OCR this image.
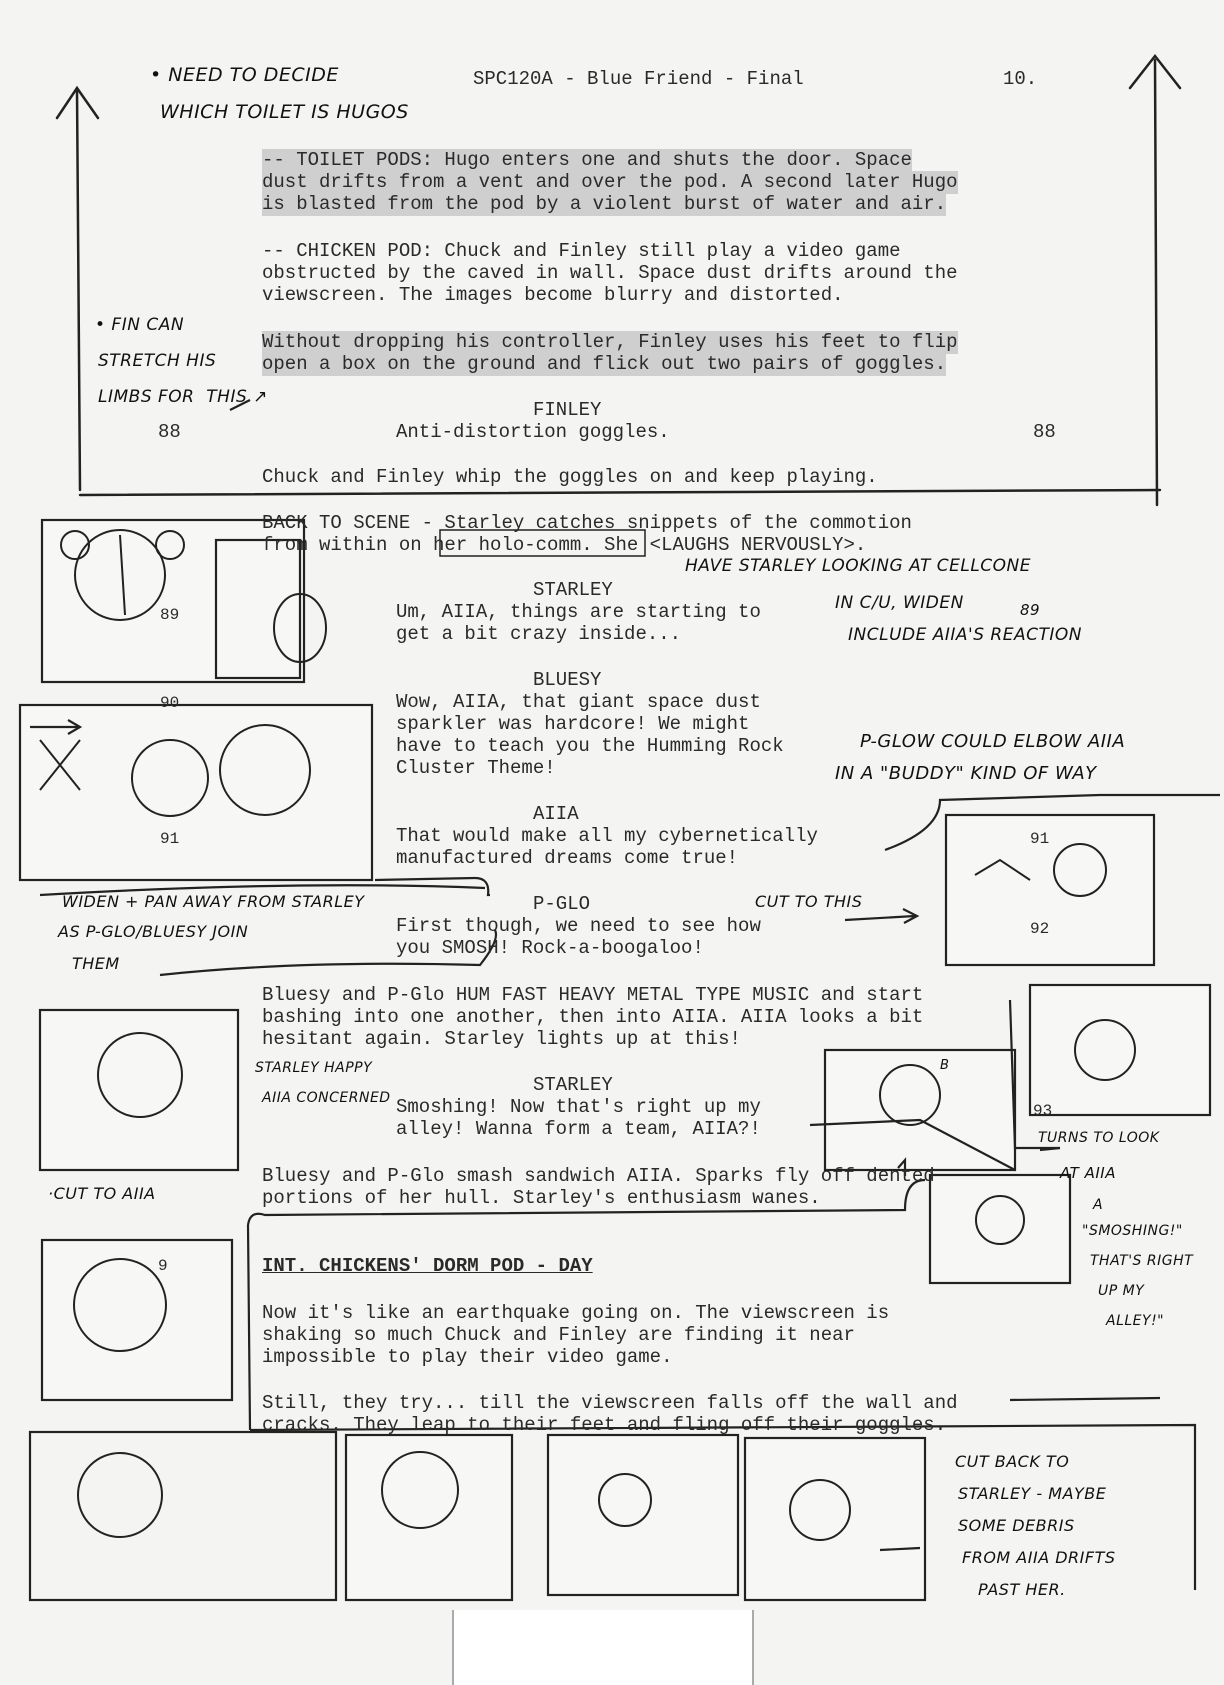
SPC120A - Blue Friend - Final	10.
-- TOILET PODS: Hugo enters one and shuts the door. Space
dust drifts from a vent and over the pod. A second later Hugo
is blasted from the pod by a violent burst of water and air.
-- CHICKEN POD: Chuck and Finley still play a video game
obstructed by the caved in wall. Space dust drifts around the
viewscreen. The images become blurry and distorted.
Without dropping his controller, Finley uses his feet to flip
open a box on the ground and flick out two pairs of goggles.
FINLEY
88	Anti-distortion goggles.	88
Chuck and Finley whip the goggles on and keep playing.
BACK TO SCENE - Starley catches snippets of the commotion
from within on her holo-comm. She <LAUGHS NERVOUSLY>.
STARLEY
Um, AIIA, things are starting to
get a bit crazy inside...
BLUESY
Wow, AIIA, that giant space dust
sparkler was hardcore! We might
have to teach you the Humming Rock
Cluster Theme!
AIIA
That would make all my cybernetically
manufactured dreams come true!
P-GLO
First though, we need to see how
you SMOSH! Rock-a-boogaloo!
Bluesy and P-Glo HUM FAST HEAVY METAL TYPE MUSIC and start
bashing into one another, then into AIIA. AIIA looks a bit
hesitant again. Starley lights up at this!
STARLEY
Smoshing! Now that's right up my
alley! Wanna form a team, AIIA?!
Bluesy and P-Glo smash sandwich AIIA. Sparks fly off dented
portions of her hull. Starley's enthusiasm wanes.
INT. CHICKENS' DORM POD - DAY
Now it's like an earthquake going on. The viewscreen is
shaking so much Chuck and Finley are finding it near
impossible to play their video game.
Still, they try... till the viewscreen falls off the wall and
cracks. They leap to their feet and fling off their goggles.
89
90
91	91
92
93
9
• NEED TO DECIDE
WHICH TOILET IS HUGOS
• FIN CAN
STRETCH HIS
LIMBS FOR  THIS ↗
HAVE STARLEY LOOKING AT CELLCONE
IN C/U, WIDEN
INCLUDE AIIA'S REACTION
89
P-GLOW COULD ELBOW AIIA
IN A "BUDDY" KIND OF WAY
WIDEN + PAN AWAY FROM STARLEY
AS P-GLO/BLUESY JOIN
THEM
CUT TO THIS
STARLEY HAPPY
AIIA CONCERNED
·CUT TO AIIA
TURNS TO LOOK
AT AIIA
B
A
"SMOSHING!"
THAT'S RIGHT
UP MY
ALLEY!"
CUT BACK TO
STARLEY - MAYBE
SOME DEBRIS
FROM AIIA DRIFTS
PAST HER.
